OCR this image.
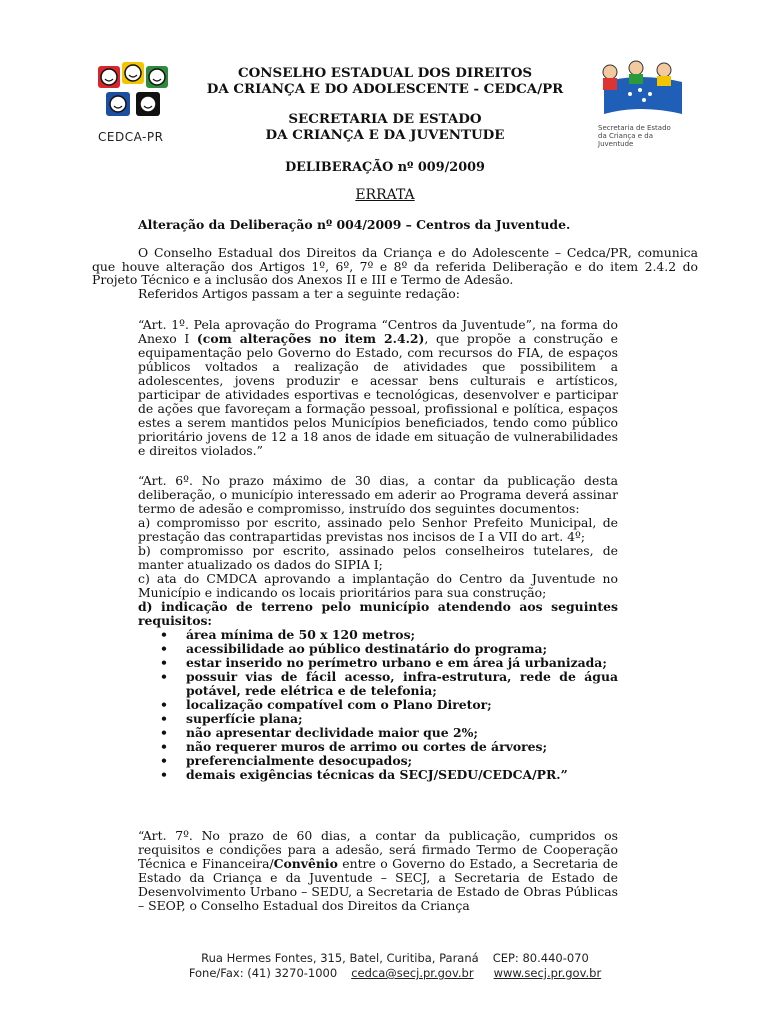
CEDCA-PR
Secretaria de Estado
da Criança e da Juventude
CONSELHO ESTADUAL DOS DIREITOS
DA CRIANÇA E DO ADOLESCENTE - CEDCA/PR
SECRETARIA DE ESTADO
DA CRIANÇA E DA JUVENTUDE
DELIBERAÇÃO nº 009/2009
ERRATA
Alteração da Deliberação nº 004/2009 – Centros da Juventude.

O Conselho Estadual dos Direitos da Criança e do Adolescente – Cedca/PR, comunica que houve alteração dos Artigos 1º, 6º, 7º e 8º da referida Deliberação e do item 2.4.2 do Projeto Técnico e a inclusão dos Anexos II e III e Termo de Adesão.

Referidos Artigos passam a ter a seguinte redação:

“Art. 1º. Pela aprovação do Programa “Centros da Juventude”, na forma do Anexo I (com alterações no item 2.4.2), que propõe a construção e equipamentação pelo Governo do Estado, com recursos do FIA, de espaços públicos voltados a realização de atividades que possibilitem a adolescentes, jovens produzir e acessar bens culturais e artísticos, participar de atividades esportivas e tecnológicas, desenvolver e participar de ações que favoreçam a formação pessoal, profissional e política, espaços estes a serem mantidos pelos Municípios beneficiados, tendo como público prioritário jovens de 12 a 18 anos de idade em situação de vulnerabilidades e direitos violados.”

“Art. 6º. No prazo máximo de 30 dias, a contar da publicação desta deliberação, o município interessado em aderir ao Programa deverá assinar termo de adesão e compromisso, instruído dos seguintes documentos:

a) compromisso por escrito, assinado pelo Senhor Prefeito Municipal, de prestação das contrapartidas previstas nos incisos de I a VII do art. 4º;

b) compromisso por escrito, assinado pelos conselheiros tutelares, de manter atualizado os dados do SIPIA I;

c) ata do CMDCA aprovando a implantação do Centro da Juventude no Município e indicando os locais prioritários para sua construção;

d) indicação de terreno pelo município atendendo aos seguintes requisitos:

• área mínima de 50 x 120 metros;
• acessibilidade ao público destinatário do programa;
• estar inserido no perímetro urbano e em área já urbanizada;
• possuir vias de fácil acesso, infra-estrutura, rede de água potável, rede elétrica e de telefonia;
• localização compatível com o Plano Diretor;
• superfície plana;
• não apresentar declividade maior que 2%;
• não requerer muros de arrimo ou cortes de árvores;
• preferencialmente desocupados;
• demais exigências técnicas da SECJ/SEDU/CEDCA/PR.”

“Art. 7º. No prazo de 60 dias, a contar da publicação, cumpridos os requisitos e condições para a adesão, será firmado Termo de Cooperação Técnica e Financeira/Convênio entre o Governo do Estado, a Secretaria de Estado da Criança e da Juventude – SECJ, a Secretaria de Estado de Desenvolvimento Urbano – SEDU, a Secretaria de Estado de Obras Públicas – SEOP, o Conselho Estadual dos Direitos da Criança

Rua Hermes Fontes, 315, Batel, Curitiba, Paraná CEP: 80.440-070
Fone/Fax: (41) 3270-1000 cedca@secj.pr.gov.br www.secj.pr.gov.br
